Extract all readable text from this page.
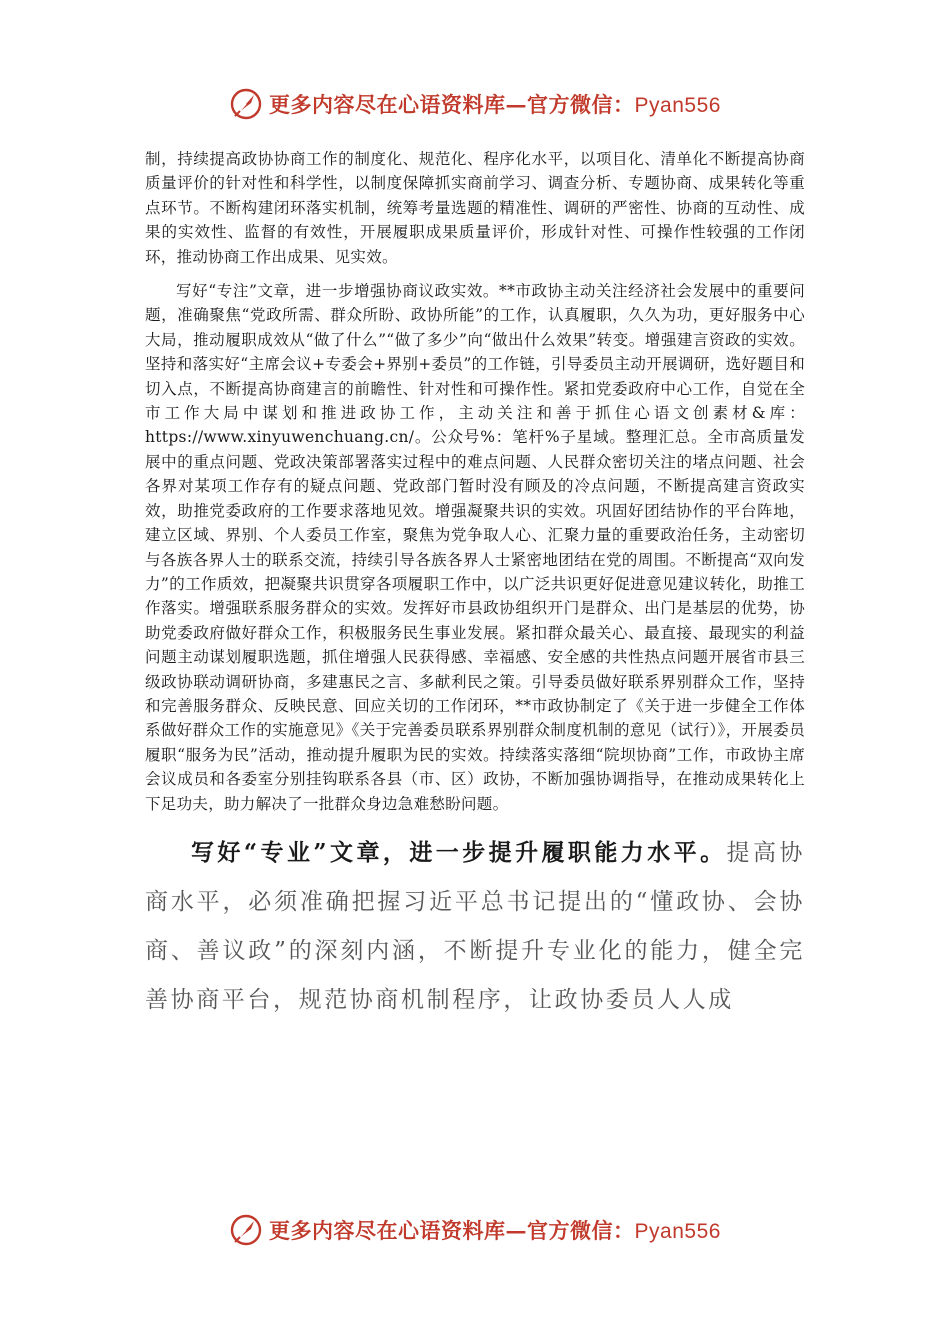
更多内容尽在心语资料库—官方微信：Pyan556

制，持续提高政协协商工作的制度化、规范化、程序化水平，以项目化、清单化不断提高协商质量评价的针对性和科学性，以制度保障抓实商前学习、调查分析、专题协商、成果转化等重点环节。不断构建闭环落实机制，统筹考量选题的精准性、调研的严密性、协商的互动性、成果的实效性、监督的有效性，开展履职成果质量评价，形成针对性、可操作性较强的工作闭环，推动协商工作出成果、见实效。

写好“专注”文章，进一步增强协商议政实效。**市政协主动关注经济社会发展中的重要问题，准确聚焦“党政所需、群众所盼、政协所能”的工作，认真履职，久久为功，更好服务中心大局，推动履职成效从“做了什么”“做了多少”向“做出什么效果”转变。增强建言资政的实效。坚持和落实好“主席会议+专委会+界别+委员”的工作链，引导委员主动开展调研，选好题目和切入点，不断提高协商建言的前瞻性、针对性和可操作性。紧扣党委政府中心工作，自觉在全市工作大局中谋划和推进政协工作，主动关注和善于抓住心语文创素材&库：https://www.xinyuwenchuang.cn/。公众号%：笔杆%子星域。整理汇总。全市高质量发展中的重点问题、党政决策部署落实过程中的难点问题、人民群众密切关注的堵点问题、社会各界对某项工作存有的疑点问题、党政部门暂时没有顾及的冷点问题，不断提高建言资政实效，助推党委政府的工作要求落地见效。增强凝聚共识的实效。巩固好团结协作的平台阵地，建立区域、界别、个人委员工作室，聚焦为党争取人心、汇聚力量的重要政治任务，主动密切与各族各界人士的联系交流，持续引导各族各界人士紧密地团结在党的周围。不断提高“双向发力”的工作质效，把凝聚共识贯穿各项履职工作中，以广泛共识更好促进意见建议转化，助推工作落实。增强联系服务群众的实效。发挥好市县政协组织开门是群众、出门是基层的优势，协助党委政府做好群众工作，积极服务民生事业发展。紧扣群众最关心、最直接、最现实的利益问题主动谋划履职选题，抓住增强人民获得感、幸福感、安全感的共性热点问题开展省市县三级政协联动调研协商，多建惠民之言、多献利民之策。引导委员做好联系界别群众工作，坚持和完善服务群众、反映民意、回应关切的工作闭环，**市政协制定了《关于进一步健全工作体系做好群众工作的实施意见》《关于完善委员联系界别群众制度机制的意见（试行）》，开展委员履职“服务为民”活动，推动提升履职为民的实效。持续落实落细“院坝协商”工作，市政协主席会议成员和各委室分别挂钩联系各县（市、区）政协，不断加强协调指导，在推动成果转化上下足功夫，助力解决了一批群众身边急难愁盼问题。

写好“专业”文章，进一步提升履职能力水平。提高协商水平，必须准确把握习近平总书记提出的“懂政协、会协商、善议政”的深刻内涵，不断提升专业化的能力，健全完善协商平台，规范协商机制程序，让政协委员人人成

更多内容尽在心语资料库—官方微信：Pyan556
